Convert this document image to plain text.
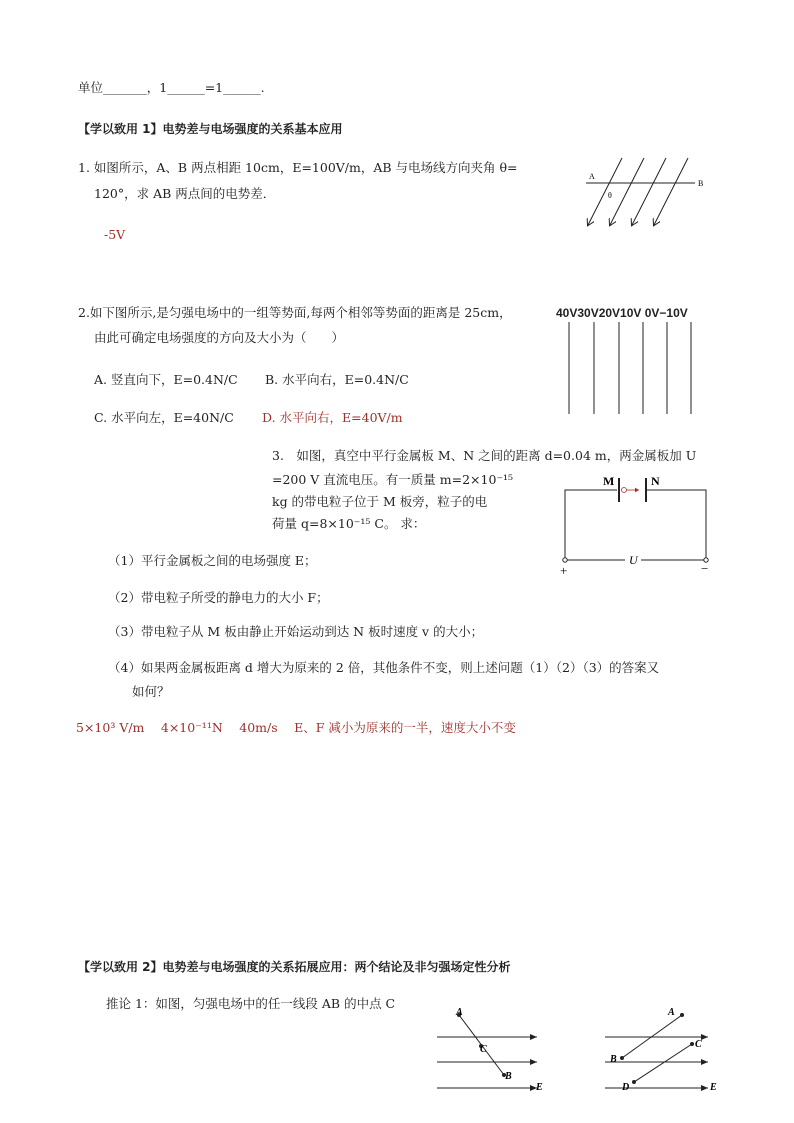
单位_______，1______=1______.
【学以致用 1】电势差与电场强度的关系基本应用
1. 如图所示，A、B 两点相距 10cm，E=100V/m，AB 与电场线方向夹角 θ=
120°，求 AB 两点间的电势差．
-5V
A
B
θ
2.如下图所示,是匀强电场中的一组等势面,每两个相邻等势面的距离是 25cm，
由此可确定电场强度的方向及大小为（　　）
A. 竖直向下，E=0.4N/C B. 水平向右，E=0.4N/C
C. 水平向左，E=40N/C D. 水平向右，E=40V/m
40V30V20V10V 0V−10V
3.　如图，真空中平行金属板 M、N 之间的距离 d=0.04 m，两金属板加 U
=200 V 直流电压。有一质量 m=2×10⁻¹⁵
kg 的带电粒子位于 M 板旁，粒子的电
荷量 q=8×10⁻¹⁵ C。 求：
M	N
U
+	−
（1）平行金属板之间的电场强度 E；
（2）带电粒子所受的静电力的大小 F；
（3）带电粒子从 M 板由静止开始运动到达 N 板时速度 v 的大小；
（4）如果两金属板距离 d 增大为原来的 2 倍，其他条件不变，则上述问题（1）（2）（3）的答案又
如何？
5×10³ V/m　 4×10⁻¹¹N　 40m/s　 E、F 减小为原来的一半，速度大小不变
【学以致用 2】电势差与电场强度的关系拓展应用：两个结论及非匀强场定性分析
推论 1：如图，匀强电场中的任一线段 AB 的中点 C
A
C
B
E
A
B
C
D	E
